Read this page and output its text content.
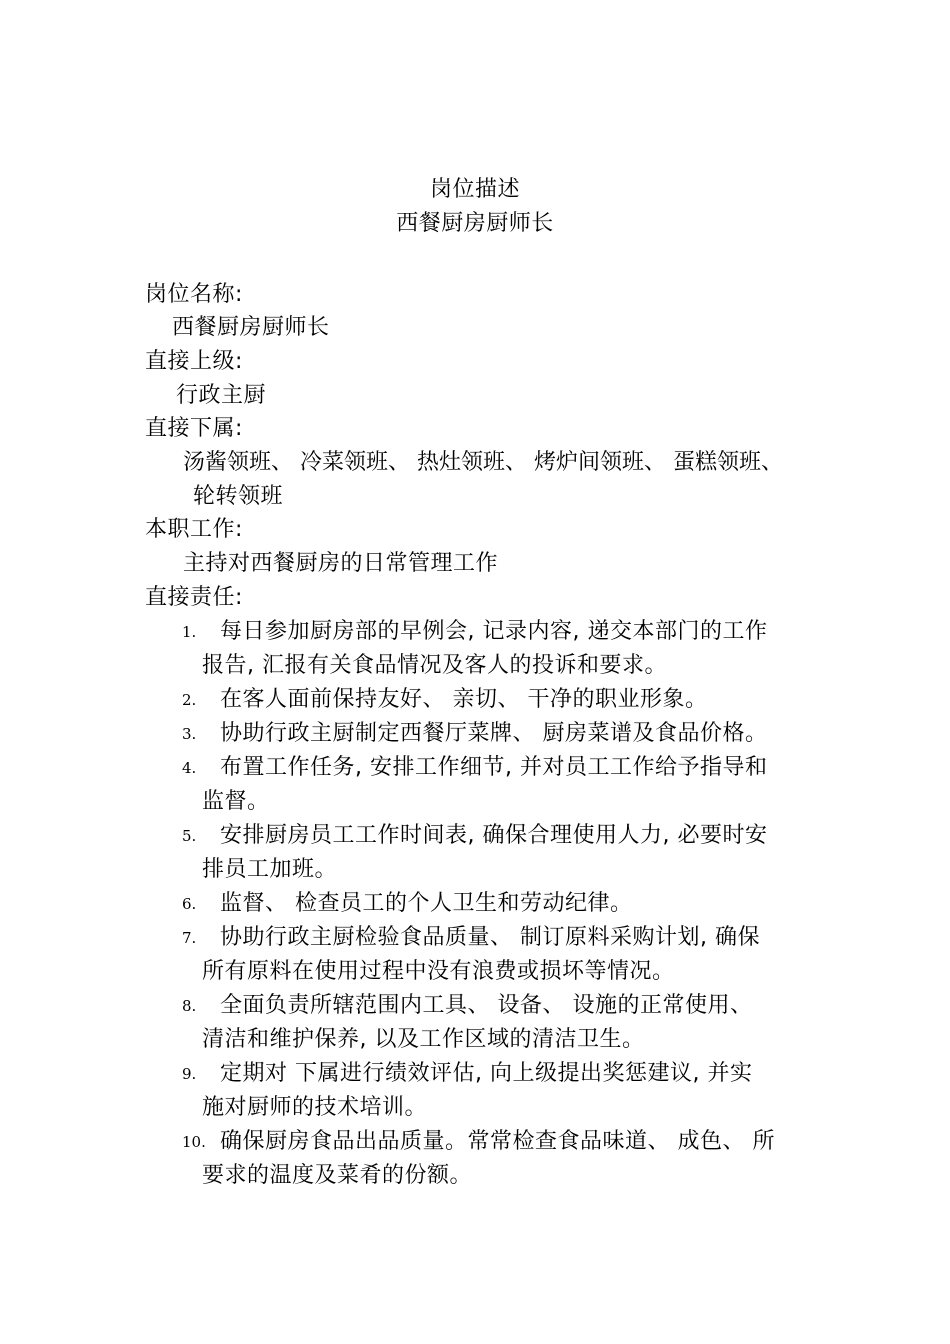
岗位描述
西餐厨房厨师长
岗位名称:
西餐厨房厨师长
直接上级:
行政主厨
直接下属:
汤酱领班、 冷菜领班、 热灶领班、 烤炉间领班、 蛋糕领班、
轮转领班
本职工作:
主持对西餐厨房的日常管理工作
直接责任:
1. 每日参加厨房部的早例会, 记录内容, 递交本部门的工作
报告, 汇报有关食品情况及客人的投诉和要求。
2. 在客人面前保持友好、 亲切、 干净的职业形象。
3. 协助行政主厨制定西餐厅菜牌、 厨房菜谱及食品价格。
4. 布置工作任务, 安排工作细节, 并对员工工作给予指导和
监督。
5. 安排厨房员工工作时间表, 确保合理使用人力, 必要时安
排员工加班。
6. 监督、 检查员工的个人卫生和劳动纪律。
7. 协助行政主厨检验食品质量、 制订原料采购计划, 确保
所有原料在使用过程中没有浪费或损坏等情况。
8. 全面负责所辖范围内工具、 设备、 设施的正常使用、
清洁和维护保养, 以及工作区域的清洁卫生。
9. 定期对 下属进行绩效评估, 向上级提出奖惩建议, 并实
施对厨师的技术培训。
10. 确保厨房食品出品质量。常常检查食品味道、 成色、 所
要求的温度及菜肴的份额。
